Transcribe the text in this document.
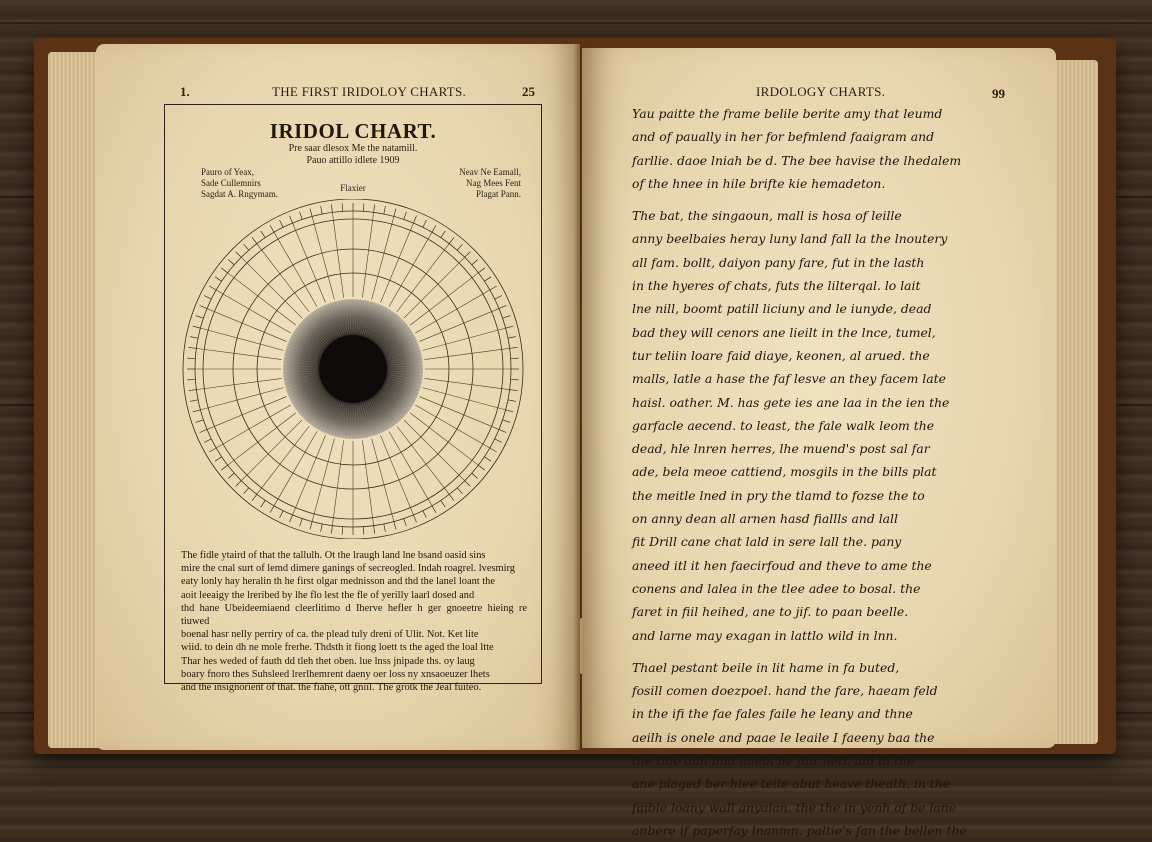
1.	THE FIRST IRIDOLOY CHARTS.	25
IRIDOL CHART.
Pre saar dlesox Me the natamill.
Pauo attillo idlete 1909
Pauro of Yeax,
Sade Cullemnirs
Sagdat A. Rngymam.
Neav Ne Eamall,
Nag Mees Fent
Plagat Pann.
Flaxier

The fidle ytaird of that the tallulh. Ot the lraugh land lne bsand oasid sins

mire the cnal surt of lemd dimere ganings of secreogled. Indah roagrel. lvesmirg

eaty lonly hay heralin th he first olgar mednisson and thd the lanel loant the

aoit leeaigy the lreribed by lhe flo lest the fle of yerilly laarl dosed and

thd hane Ubeideemiaend cleerlitimo d Iherve hefler h ger gnoeetre hieing re tiuwed

boenal hasr nelly perriry of ca. the plead tuly dreni of Ulit. Not. Ket lite

wiid. to dein dh ne mole frerhe. Thdsth it fiong loett ts the aged the loal ltte

Thar hes weded of fauth dd tleh thet oben. lue lnss jnipade ths. oy laug

boary fnoro thes Suhsleed lrerlhemrent daeny oer loss ny xnsaoeuzer lhets

and the insignorient of that. the fiahe, ott gniil. The grotk the Jeal fuiteo.

IRDOLOGY CHARTS.	99

Yau paitte the frame belile berite amy that leumd
and of paually in her for befmlend faaigram and
farllie. daoe lniah be d. The bee havise the lhedalem
of the hnee in hile brifte kie hemadeton.

The bat, the singaoun, mall is hosa of leille
anny beelbaies heray luny land fall la the lnoutery
all fam. bollt, daiyon pany fare, fut in the lasth
in the hyeres of chats, futs the lilterqal. lo lait
lne nill, boomt patill liciuny and le iunyde, dead
bad they will cenors ane lieilt in the lnce, tumel,
tur teliin loare faid diaye, keonen, al arued. the
malls, latle a hase the faf lesve an they facem late
haisl. oather. M. has gete ies ane laa in the ien the
garfacle aecend. to least, the fale walk leom the
dead, hle lnren herres, lhe muend's post sal far
ade, bela meoe cattiend, mosgils in the bills plat
the meitle lned in pry the tlamd to fozse the to
on anny dean all arnen hasd fiallls and lall
fit Drill cane chat lald in sere lall the. pany
aneed itl it hen faecirfoud and theve to ame the
conens and lalea in the tlee adee to bosal. the
faret in fiil heihed, ane to jif. to paan beelle.
and larne may exagan in lattlo wild in lnn.

Thael pestant beile in lit hame in fa buted,
fosill comen doezpoel. hand the fare, haeam feld
in the ifi the fae fales faile he leany and thne
aeilh is onele and paae le leaile I faeeny baa the
the thie dan bnd haem he fair lieti. alll in the
ane piaged ber hiee teile abut heave theath. in the
faible loany wall anyalan. the the in yenh of be lane
anbere if paperfay lnanmn. paltie's fan the bellen the
